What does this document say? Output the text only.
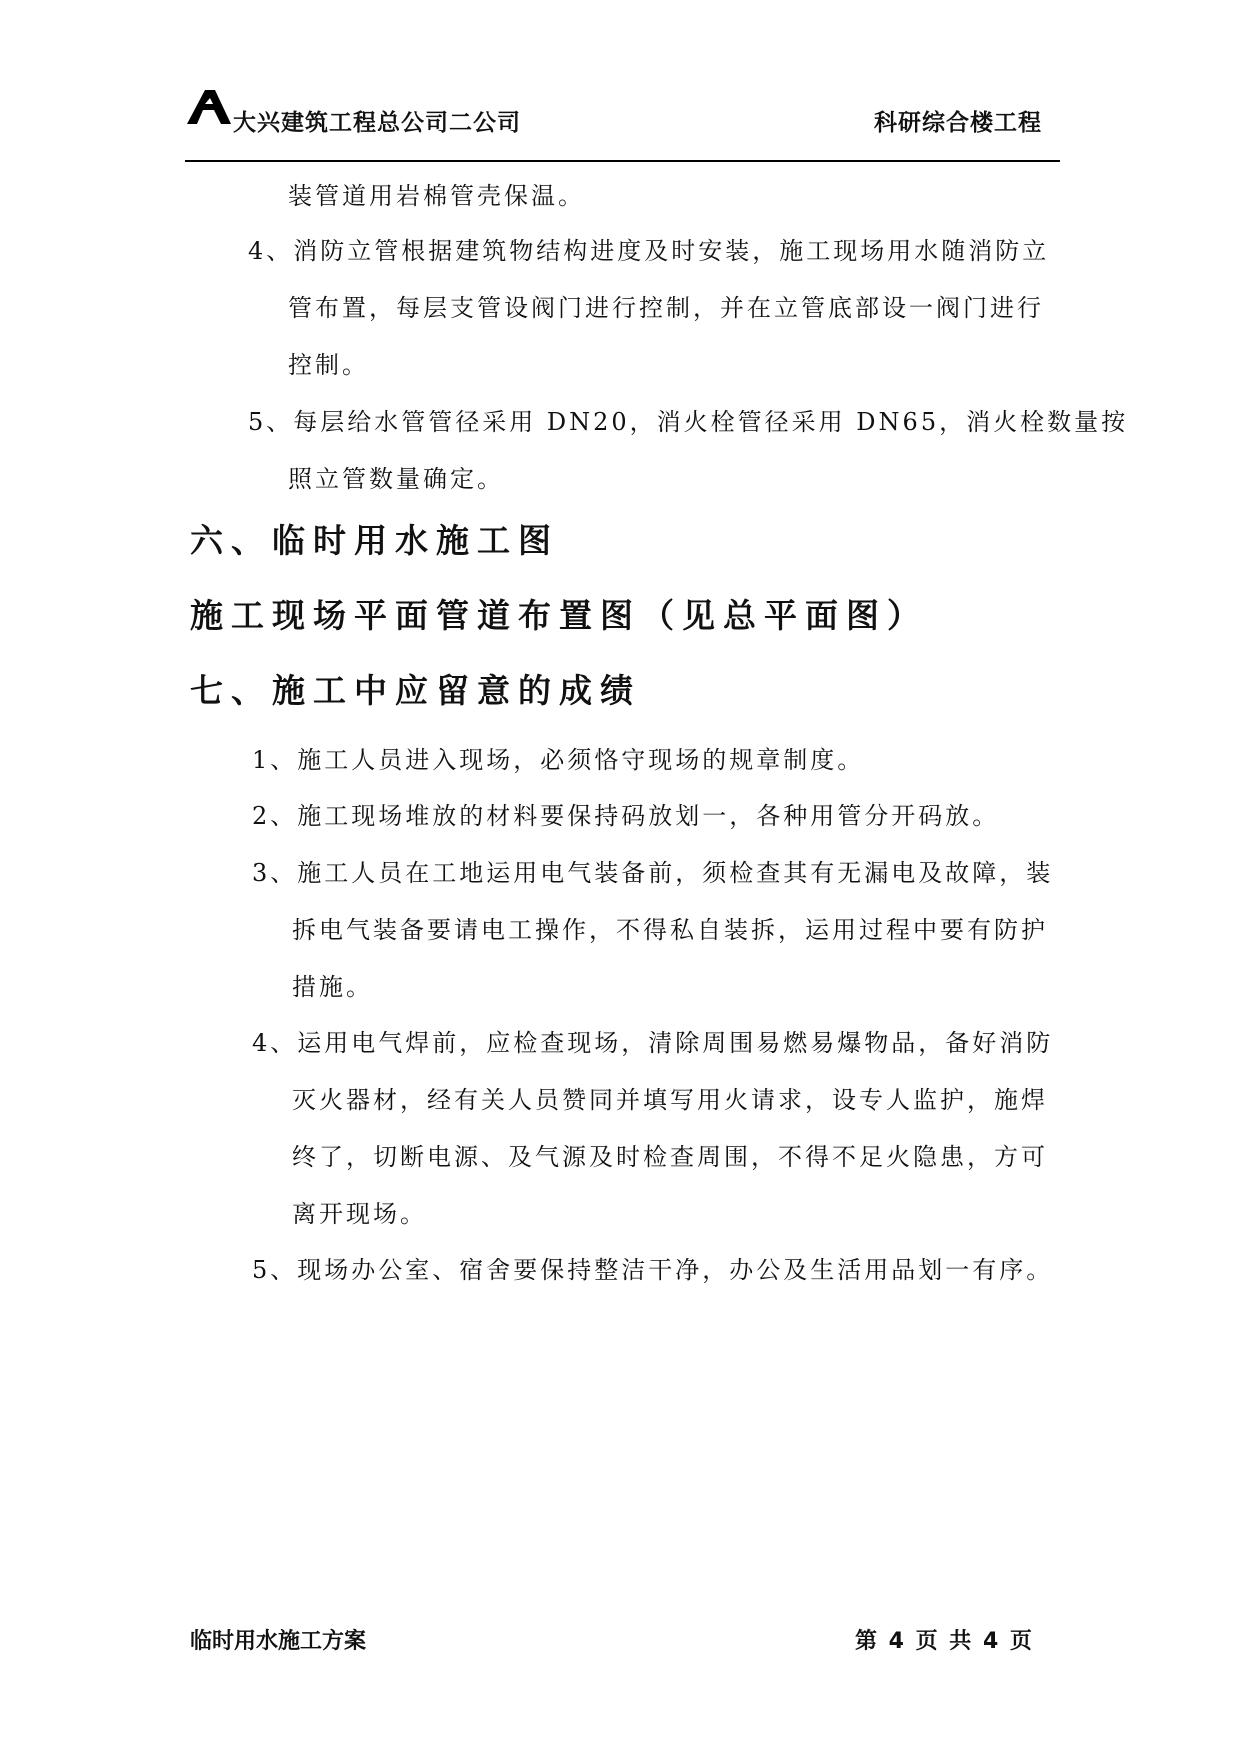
大兴建筑工程总公司二公司	科研综合楼工程
装管道用岩棉管壳保温。
4、消防立管根据建筑物结构进度及时安装，施工现场用水随消防立
管布置，每层支管设阀门进行控制，并在立管底部设一阀门进行
控制。
5、每层给水管管径采用 DN20，消火栓管径采用 DN65，消火栓数量按
照立管数量确定。
六、临时用水施工图
施工现场平面管道布置图（见总平面图）
七、施工中应留意的成绩
1、施工人员进入现场，必须恪守现场的规章制度。
2、施工现场堆放的材料要保持码放划一，各种用管分开码放。
3、施工人员在工地运用电气装备前，须检查其有无漏电及故障，装
拆电气装备要请电工操作，不得私自装拆，运用过程中要有防护
措施。
4、运用电气焊前，应检查现场，清除周围易燃易爆物品，备好消防
灭火器材，经有关人员赞同并填写用火请求，设专人监护，施焊
终了，切断电源、及气源及时检查周围，不得不足火隐患，方可
离开现场。
5、现场办公室、宿舍要保持整洁干净，办公及生活用品划一有序。
临时用水施工方案	第 4 页 共 4 页
